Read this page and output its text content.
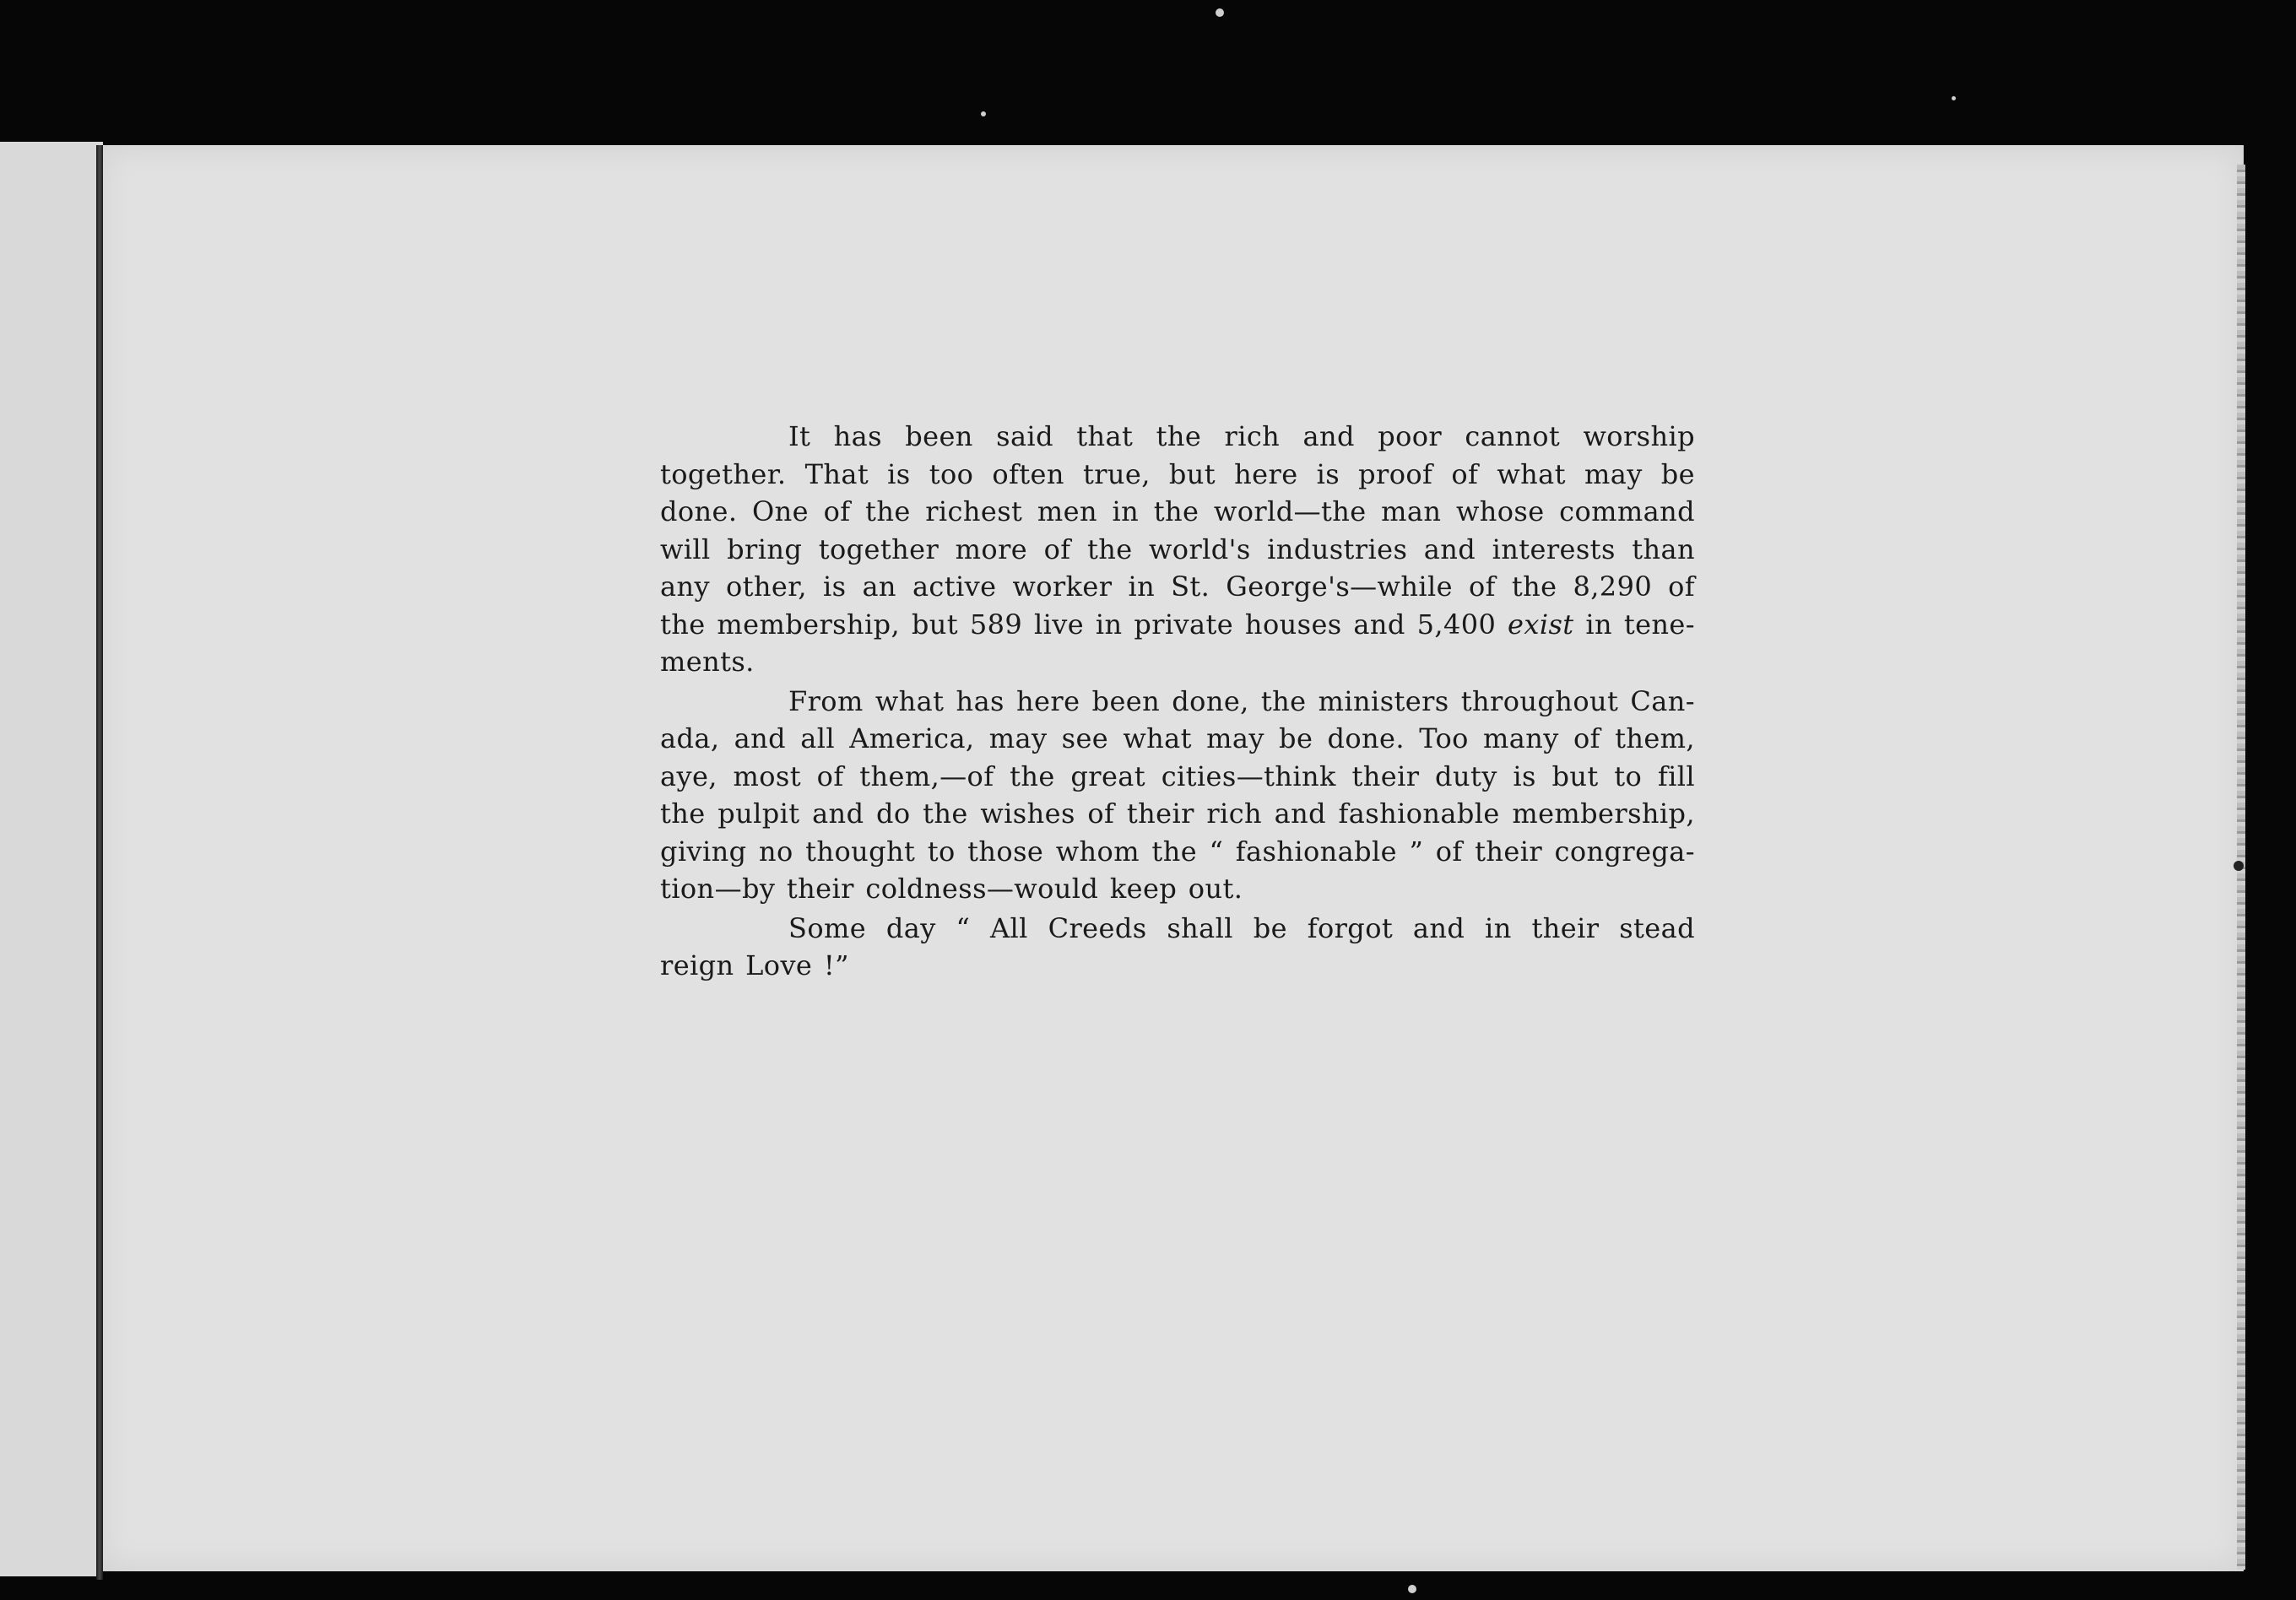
It has been said that the rich and poor cannot worship
together. That is too often true, but here is proof of what may be
done. One of the richest men in the world—the man whose command
will bring together more of the world's industries and interests than
any other, is an active worker in St. George's—while of the 8,290 of
the membership, but 589 live in private houses and 5,400 exist in tene-
ments.

From what has here been done, the ministers throughout Can-
ada, and all America, may see what may be done. Too many of them,
aye, most of them,—of the great cities—think their duty is but to fill
the pulpit and do the wishes of their rich and fashionable membership,
giving no thought to those whom the “ fashionable ” of their congrega-
tion—by their coldness—would keep out.

Some day “ All Creeds shall be forgot and in their stead
reign Love !”
